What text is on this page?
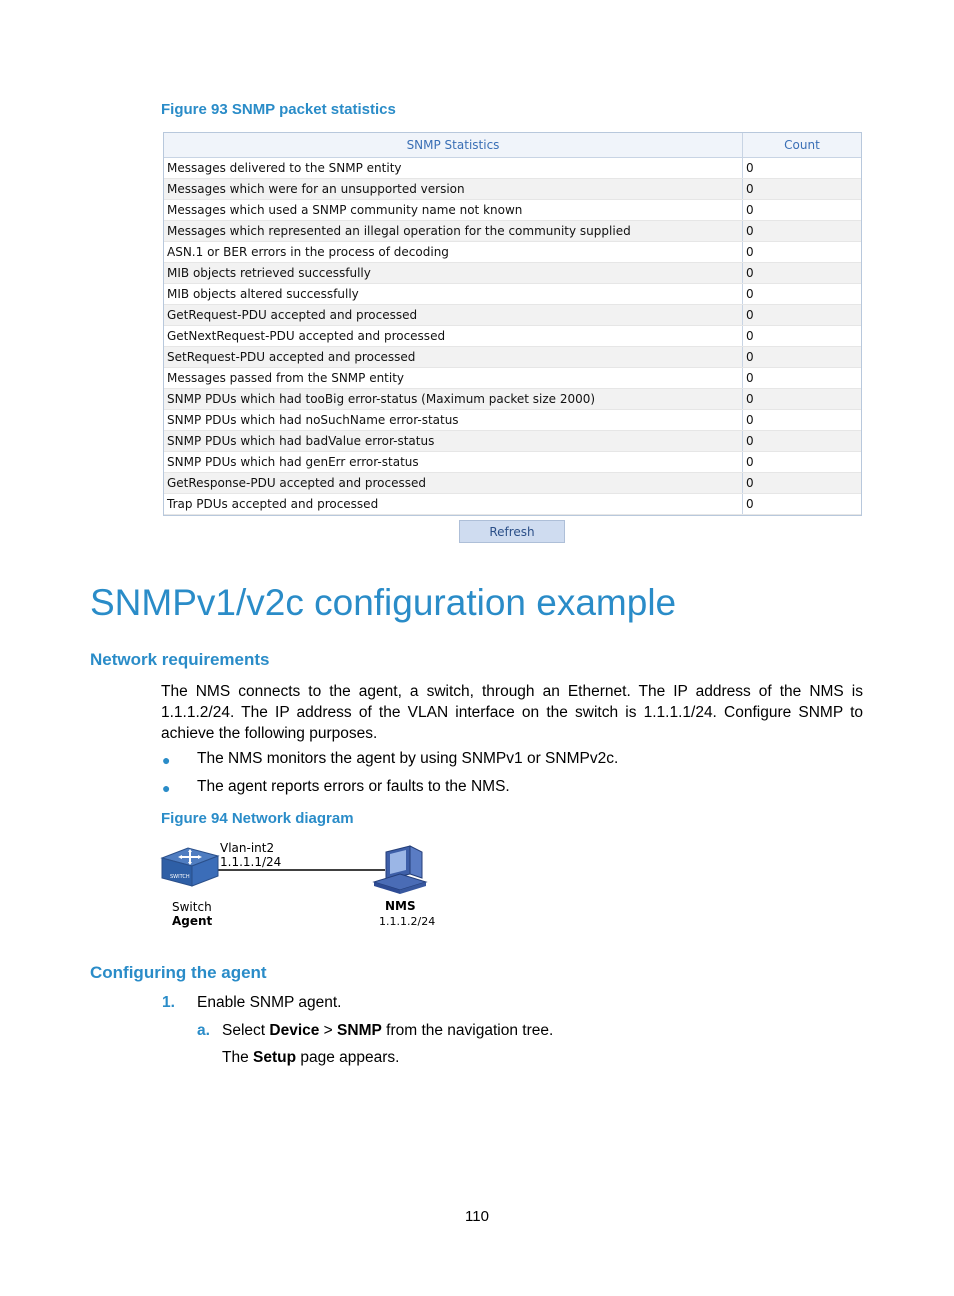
Figure 93 SNMP packet statistics
SNMP Statistics	Count
Messages delivered to the SNMP entity	0
Messages which were for an unsupported version	0
Messages which used a SNMP community name not known	0
Messages which represented an illegal operation for the community supplied	0
ASN.1 or BER errors in the process of decoding	0
MIB objects retrieved successfully	0
MIB objects altered successfully	0
GetRequest-PDU accepted and processed	0
GetNextRequest-PDU accepted and processed	0
SetRequest-PDU accepted and processed	0
Messages passed from the SNMP entity	0
SNMP PDUs which had tooBig error-status (Maximum packet size 2000)	0
SNMP PDUs which had noSuchName error-status	0
SNMP PDUs which had badValue error-status	0
SNMP PDUs which had genErr error-status	0
GetResponse-PDU accepted and processed	0
Trap PDUs accepted and processed	0
Refresh
SNMPv1/v2c configuration example
Network requirements
The NMS connects to the agent, a switch, through an Ethernet. The IP address of the NMS is 1.1.1.2/24. The IP address of the VLAN interface on the switch is 1.1.1.1/24. Configure SNMP to achieve the following purposes.
● The NMS monitors the agent by using SNMPv1 or SNMPv2c.
● The agent reports errors or faults to the NMS.
Figure 94 Network diagram
SWITCH
Vlan-int2
1.1.1.1/24
Switch
Agent
NMS
1.1.1.2/24
Configuring the agent
1. Enable SNMP agent.
a. Select Device > SNMP from the navigation tree.
The Setup page appears.
110
